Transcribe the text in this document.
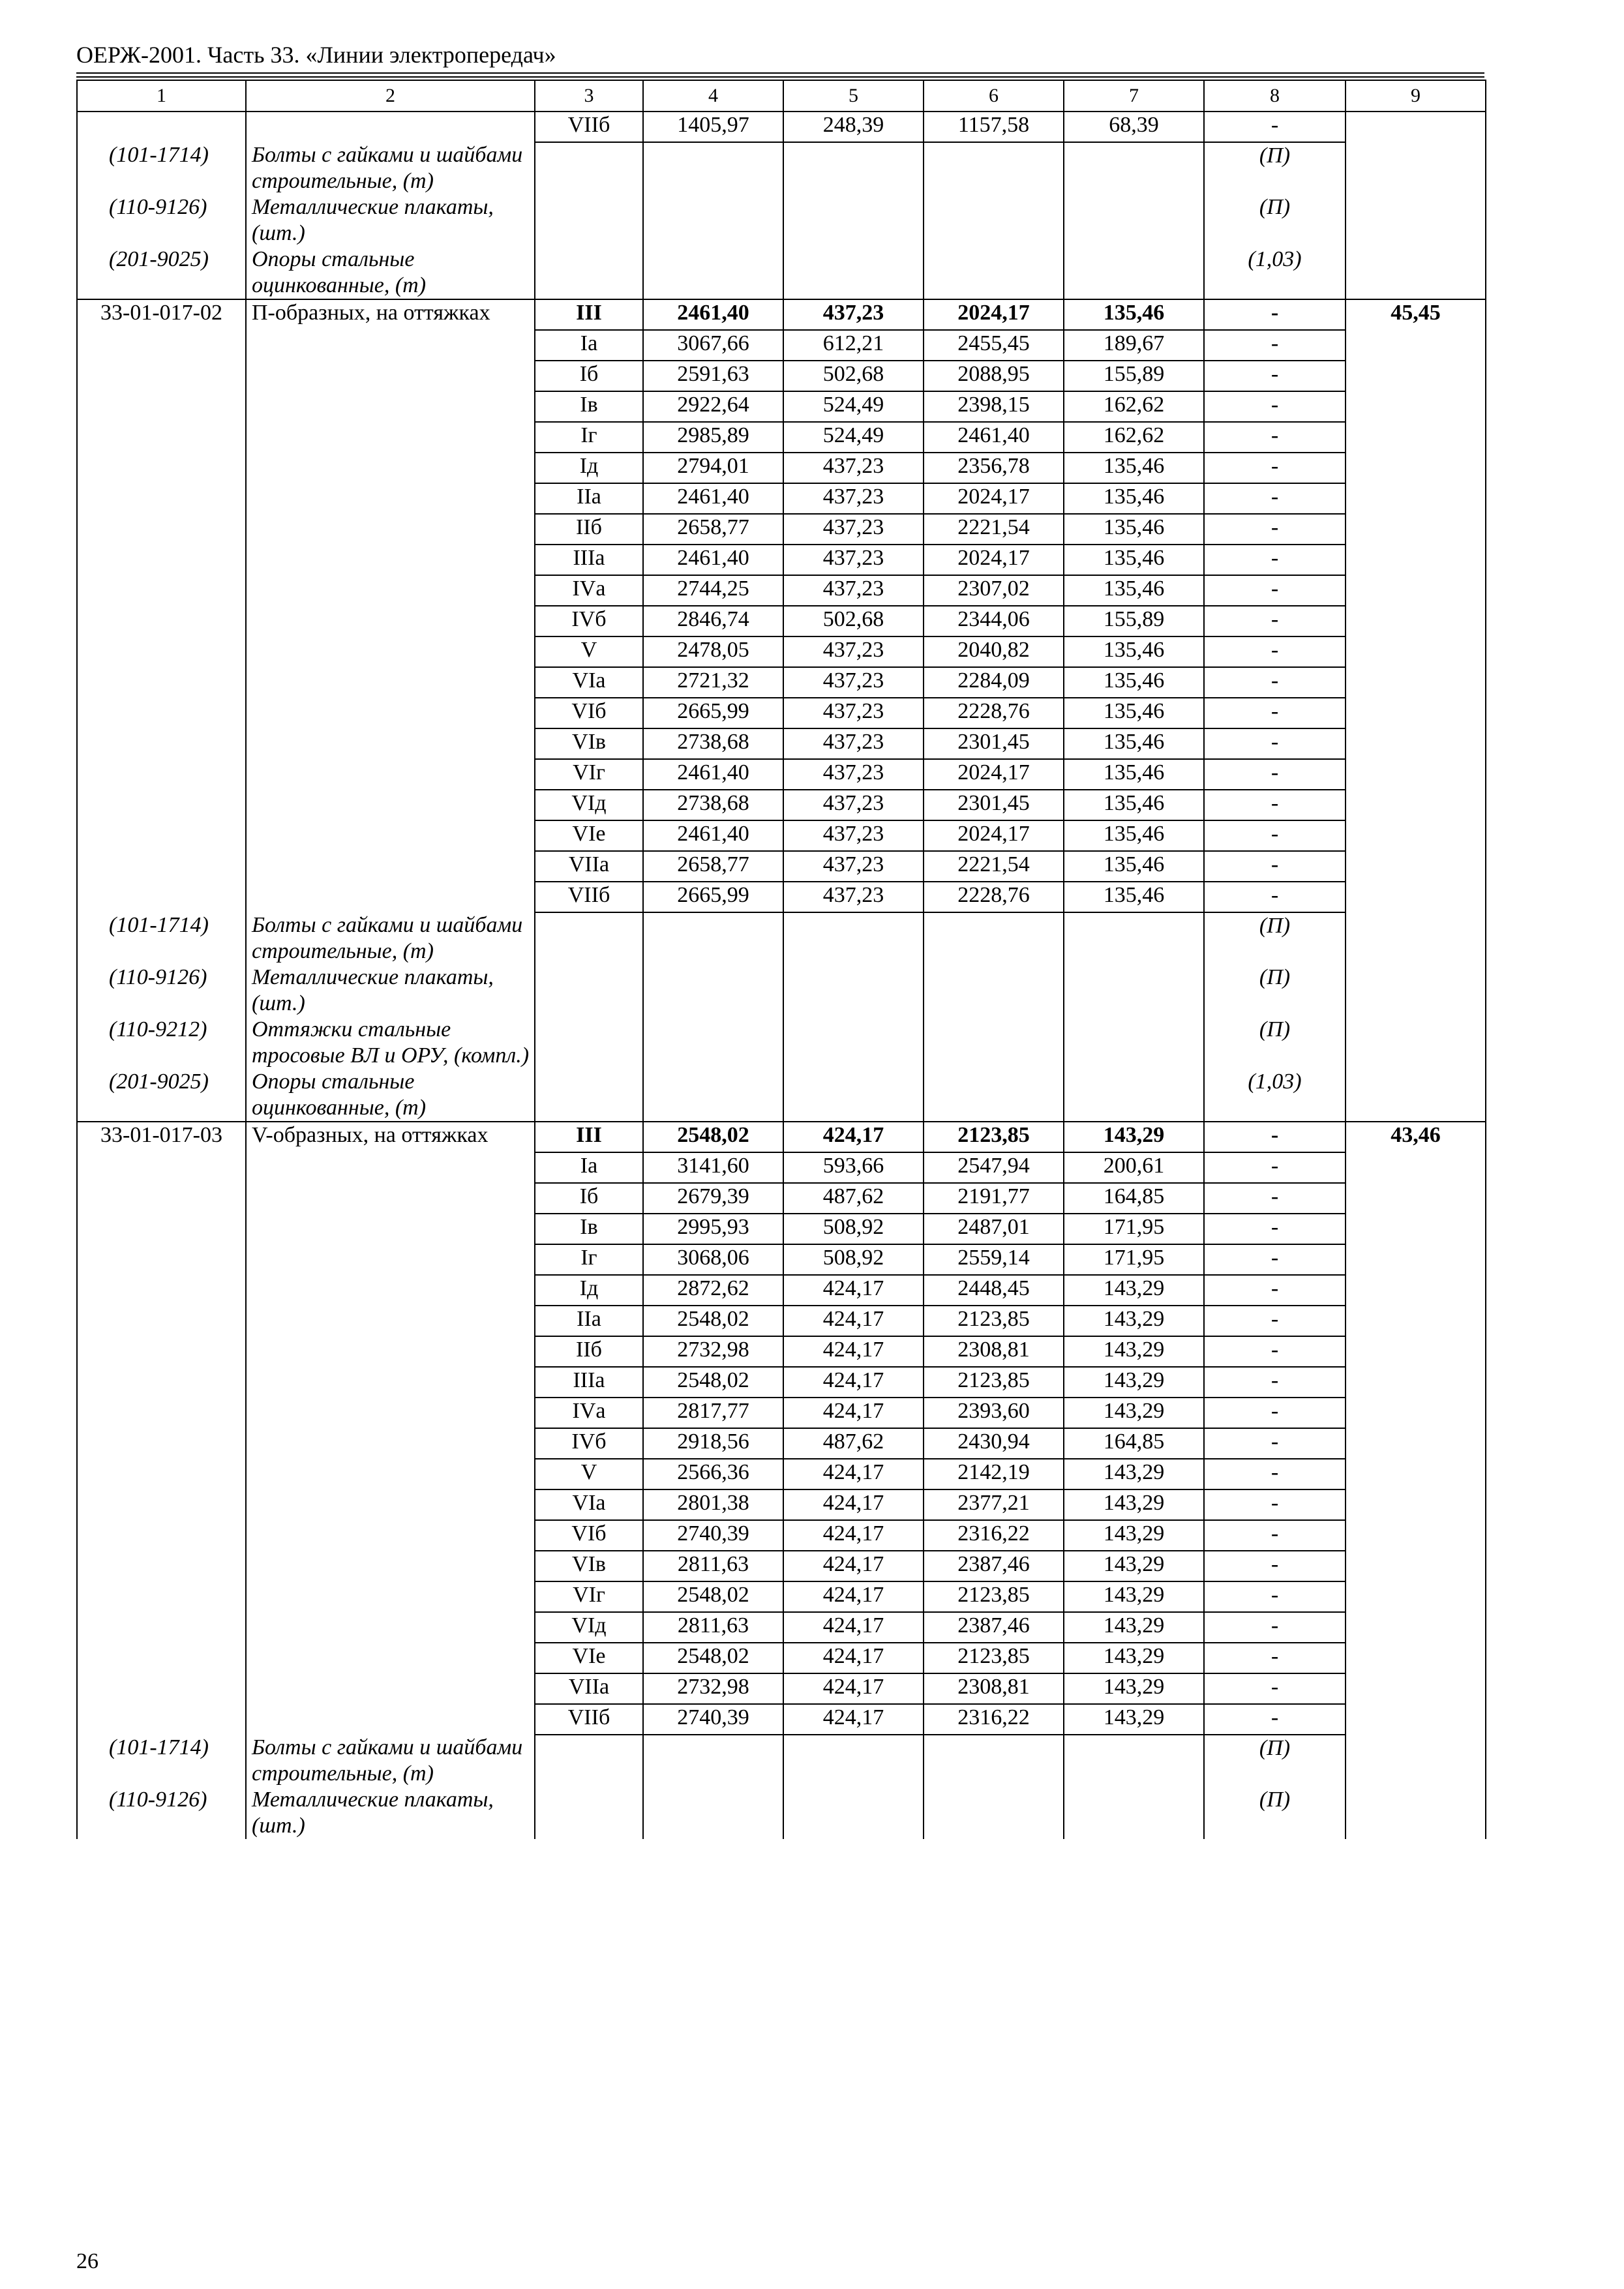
ОЕРЖ-2001. Часть 33. «Линии электропередач»
1	2	3	4	5	6	7	8	9
		VIIб	1405,97	248,39	1157,58	68,39	-	
(101-1714)	Болты с гайками и шайбами строительные, (т)						(П)	
(110-9126)	Металлические плакаты, (шт.)						(П)	
(201-9025)	Опоры стальные оцинкованные, (т)						(1,03)	
33-01-017-02	П-образных, на оттяжках	III	2461,40	437,23	2024,17	135,46	-	45,45
		Iа	3067,66	612,21	2455,45	189,67	-	
		Iб	2591,63	502,68	2088,95	155,89	-	
		Iв	2922,64	524,49	2398,15	162,62	-	
		Iг	2985,89	524,49	2461,40	162,62	-	
		Iд	2794,01	437,23	2356,78	135,46	-	
		IIа	2461,40	437,23	2024,17	135,46	-	
		IIб	2658,77	437,23	2221,54	135,46	-	
		IIIа	2461,40	437,23	2024,17	135,46	-	
		IVа	2744,25	437,23	2307,02	135,46	-	
		IVб	2846,74	502,68	2344,06	155,89	-	
		V	2478,05	437,23	2040,82	135,46	-	
		VIа	2721,32	437,23	2284,09	135,46	-	
		VIб	2665,99	437,23	2228,76	135,46	-	
		VIв	2738,68	437,23	2301,45	135,46	-	
		VIг	2461,40	437,23	2024,17	135,46	-	
		VIд	2738,68	437,23	2301,45	135,46	-	
		VIе	2461,40	437,23	2024,17	135,46	-	
		VIIа	2658,77	437,23	2221,54	135,46	-	
		VIIб	2665,99	437,23	2228,76	135,46	-	
(101-1714)	Болты с гайками и шайбами строительные, (т)						(П)	
(110-9126)	Металлические плакаты, (шт.)						(П)	
(110-9212)	Оттяжки стальные тросовые ВЛ и ОРУ, (компл.)						(П)	
(201-9025)	Опоры стальные оцинкованные, (т)						(1,03)	
33-01-017-03	V-образных, на оттяжках	III	2548,02	424,17	2123,85	143,29	-	43,46
		Iа	3141,60	593,66	2547,94	200,61	-	
		Iб	2679,39	487,62	2191,77	164,85	-	
		Iв	2995,93	508,92	2487,01	171,95	-	
		Iг	3068,06	508,92	2559,14	171,95	-	
		Iд	2872,62	424,17	2448,45	143,29	-	
		IIа	2548,02	424,17	2123,85	143,29	-	
		IIб	2732,98	424,17	2308,81	143,29	-	
		IIIа	2548,02	424,17	2123,85	143,29	-	
		IVа	2817,77	424,17	2393,60	143,29	-	
		IVб	2918,56	487,62	2430,94	164,85	-	
		V	2566,36	424,17	2142,19	143,29	-	
		VIа	2801,38	424,17	2377,21	143,29	-	
		VIб	2740,39	424,17	2316,22	143,29	-	
		VIв	2811,63	424,17	2387,46	143,29	-	
		VIг	2548,02	424,17	2123,85	143,29	-	
		VIд	2811,63	424,17	2387,46	143,29	-	
		VIе	2548,02	424,17	2123,85	143,29	-	
		VIIа	2732,98	424,17	2308,81	143,29	-	
		VIIб	2740,39	424,17	2316,22	143,29	-	
(101-1714)	Болты с гайками и шайбами строительные, (т)						(П)	
(110-9126)	Металлические плакаты, (шт.)						(П)	
26
